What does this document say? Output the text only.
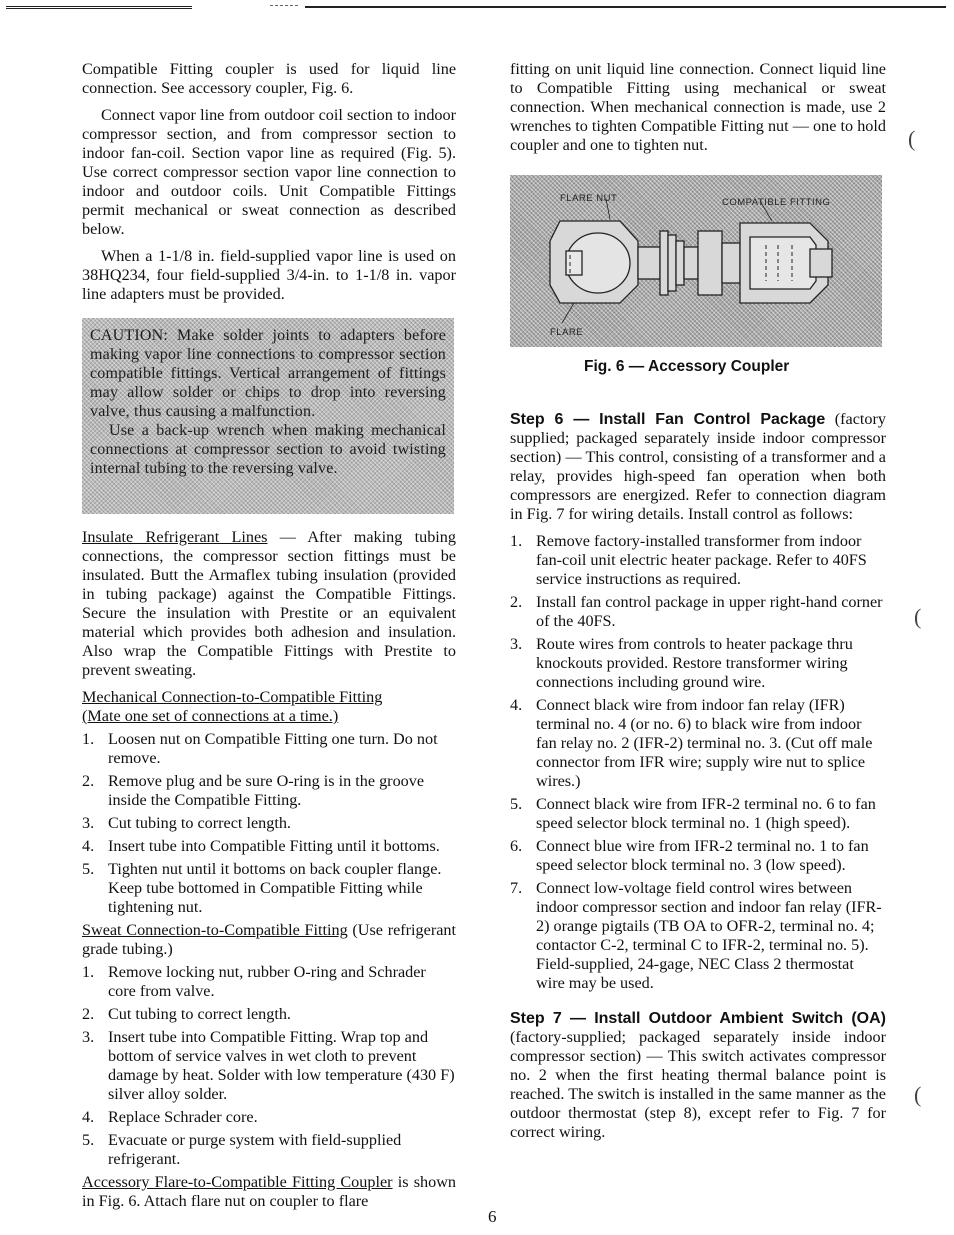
Compatible Fitting coupler is used for liquid line connection. See accessory coupler, Fig. 6.

Connect vapor line from outdoor coil section to indoor compressor section, and from compressor section to indoor fan-coil. Section vapor line as required (Fig. 5). Use correct compressor section vapor line connection to indoor and outdoor coils. Unit Compatible Fittings permit mechanical or sweat connection as described below.

When a 1-1/8 in. field-supplied vapor line is used on 38HQ234, four field-supplied 3/4-in. to 1-1/8 in. vapor line adapters must be provided.

CAUTION: Make solder joints to adapters before making vapor line connections to compressor section compatible fittings. Vertical arrangement of fittings may allow solder or chips to drop into reversing valve, thus causing a malfunction.

Use a back-up wrench when making mechanical connections at compressor section to avoid twisting internal tubing to the reversing valve.

Insulate Refrigerant Lines — After making tubing connections, the compressor section fittings must be insulated. Butt the Armaflex tubing insulation (provided in tubing package) against the Compatible Fittings. Secure the insulation with Prestite or an equivalent material which provides both adhesion and insulation. Also wrap the Compatible Fittings with Prestite to prevent sweating.

Mechanical Connection-to-Compatible Fitting
(Mate one set of connections at a time.)

1. Loosen nut on Compatible Fitting one turn. Do not remove.
2. Remove plug and be sure O-ring is in the groove inside the Compatible Fitting.
3. Cut tubing to correct length.
4. Insert tube into Compatible Fitting until it bottoms.
5. Tighten nut until it bottoms on back coupler flange. Keep tube bottomed in Compatible Fitting while tightening nut.

Sweat Connection-to-Compatible Fitting (Use refrigerant grade tubing.)

1. Remove locking nut, rubber O-ring and Schrader core from valve.
2. Cut tubing to correct length.
3. Insert tube into Compatible Fitting. Wrap top and bottom of service valves in wet cloth to prevent damage by heat. Solder with low temperature (430 F) silver alloy solder.
4. Replace Schrader core.
5. Evacuate or purge system with field-supplied refrigerant.

Accessory Flare-to-Compatible Fitting Coupler is shown in Fig. 6. Attach flare nut on coupler to flare

fitting on unit liquid line connection. Connect liquid line to Compatible Fitting using mechanical or sweat connection. When mechanical connection is made, use 2 wrenches to tighten Compatible Fitting nut — one to hold coupler and one to tighten nut.

FLARE NUT	COMPATIBLE FITTING
FLARE
Fig. 6 — Accessory Coupler

Step 6 — Install Fan Control Package (factory supplied; packaged separately inside indoor compressor section) — This control, consisting of a transformer and a relay, provides high-speed fan operation when both compressors are energized. Refer to connection diagram in Fig. 7 for wiring details. Install control as follows:

1. Remove factory-installed transformer from indoor fan-coil unit electric heater package. Refer to 40FS service instructions as required.
2. Install fan control package in upper right-hand corner of the 40FS.
3. Route wires from controls to heater package thru knockouts provided. Restore transformer wiring connections including ground wire.
4. Connect black wire from indoor fan relay (IFR) terminal no. 4 (or no. 6) to black wire from indoor fan relay no. 2 (IFR-2) terminal no. 3. (Cut off male connector from IFR wire; supply wire nut to splice wires.)
5. Connect black wire from IFR-2 terminal no. 6 to fan speed selector block terminal no. 1 (high speed).
6. Connect blue wire from IFR-2 terminal no. 1 to fan speed selector block terminal no. 3 (low speed).
7. Connect low-voltage field control wires between indoor compressor section and indoor fan relay (IFR-2) orange pigtails (TB OA to OFR-2, terminal no. 4; contactor C-2, terminal C to IFR-2, terminal no. 5). Field-supplied, 24-gage, NEC Class 2 thermostat wire may be used.

Step 7 — Install Outdoor Ambient Switch (OA) (factory-supplied; packaged separately inside indoor compressor section) — This switch activates compressor no. 2 when the first heating thermal balance point is reached. The switch is installed in the same manner as the outdoor thermostat (step 8), except refer to Fig. 7 for correct wiring.

(
(
(
6
